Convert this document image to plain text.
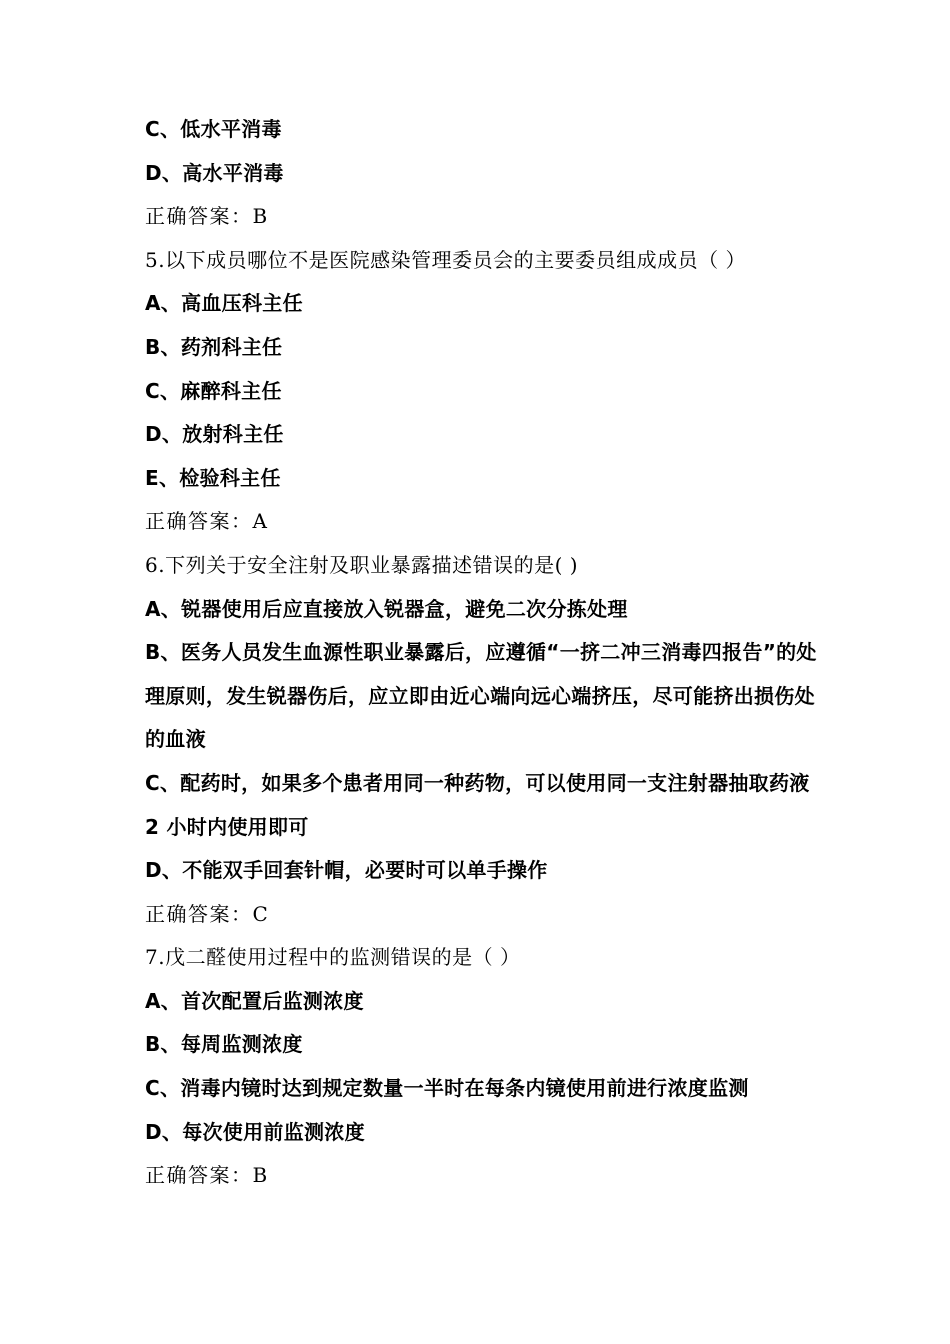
C、低水平消毒
D、高水平消毒
正确答案：B
5.以下成员哪位不是医院感染管理委员会的主要委员组成成员（ ）
A、高血压科主任
B、药剂科主任
C、麻醉科主任
D、放射科主任
E、检验科主任
正确答案：A
6.下列关于安全注射及职业暴露描述错误的是( )
A、锐器使用后应直接放入锐器盒，避免二次分拣处理
B、医务人员发生血源性职业暴露后，应遵循“一挤二冲三消毒四报告”的处理原则，发生锐器伤后，应立即由近心端向远心端挤压，尽可能挤出损伤处的血液
C、配药时，如果多个患者用同一种药物，可以使用同一支注射器抽取药液 2 小时内使用即可
D、不能双手回套针帽，必要时可以单手操作
正确答案：C
7.戊二醛使用过程中的监测错误的是（ ）
A、首次配置后监测浓度
B、每周监测浓度
C、消毒内镜时达到规定数量一半时在每条内镜使用前进行浓度监测
D、每次使用前监测浓度
正确答案：B
